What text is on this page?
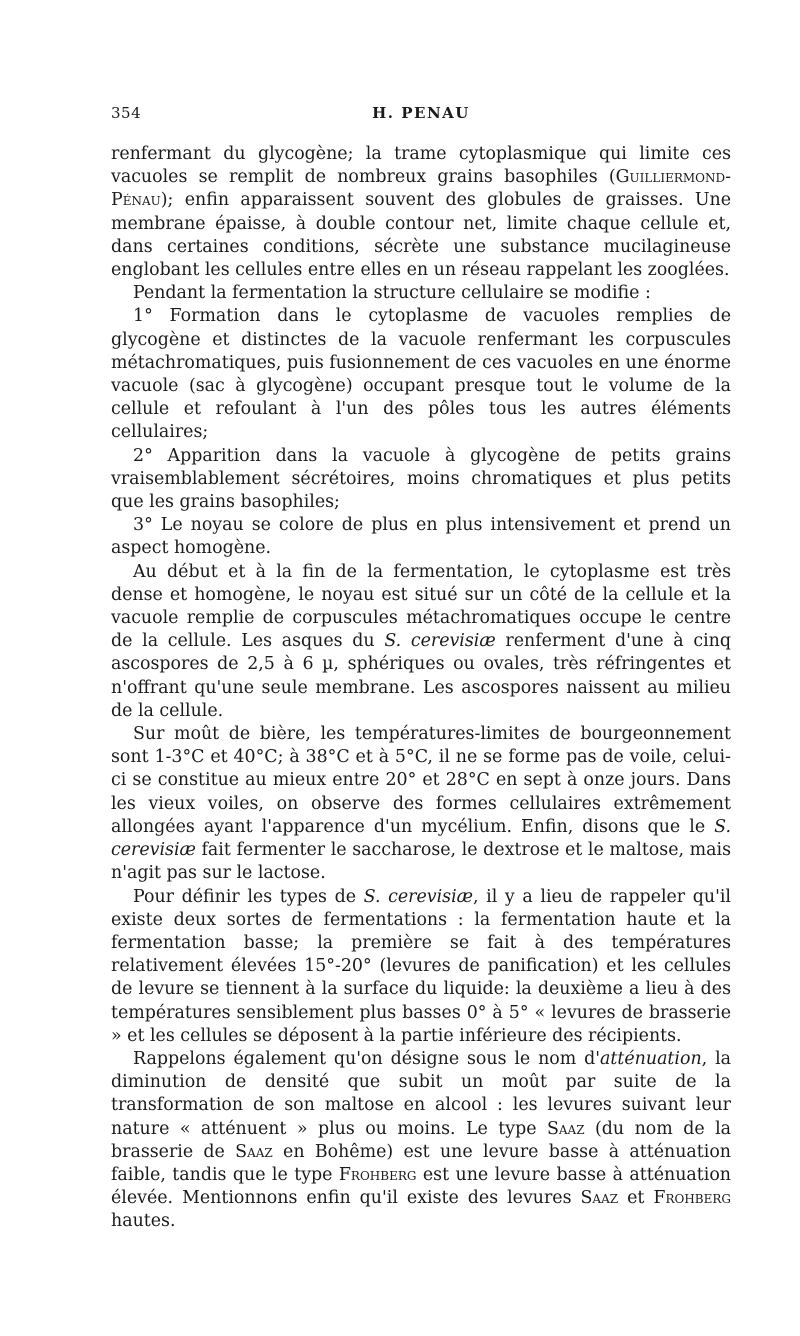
354	H. PENAU

renfermant du glycogène; la trame cytoplasmique qui limite ces vacuoles se remplit de nombreux grains basophiles (Guilliermond-Pénau); enfin apparaissent souvent des globules de graisses. Une membrane épaisse, à double contour net, limite chaque cellule et, dans certaines conditions, sécrète une substance mucilagineuse englobant les cellules entre elles en un réseau rappelant les zooglées.

Pendant la fermentation la structure cellulaire se modifie :

1° Formation dans le cytoplasme de vacuoles remplies de glycogène et distinctes de la vacuole renfermant les corpuscules métachromatiques, puis fusionnement de ces vacuoles en une énorme vacuole (sac à glycogène) occupant presque tout le volume de la cellule et refoulant à l'un des pôles tous les autres éléments cellulaires;

2° Apparition dans la vacuole à glycogène de petits grains vraisemblablement sécrétoires, moins chromatiques et plus petits que les grains basophiles;

3° Le noyau se colore de plus en plus intensivement et prend un aspect homogène.

Au début et à la fin de la fermentation, le cytoplasme est très dense et homogène, le noyau est situé sur un côté de la cellule et la vacuole remplie de corpuscules métachromatiques occupe le centre de la cellule. Les asques du S. cerevisiæ renferment d'une à cinq ascospores de 2,5 à 6 µ, sphériques ou ovales, très réfringentes et n'offrant qu'une seule membrane. Les ascospores naissent au milieu de la cellule.

Sur moût de bière, les températures-limites de bourgeonnement sont 1-3°C et 40°C; à 38°C et à 5°C, il ne se forme pas de voile, celui-ci se constitue au mieux entre 20° et 28°C en sept à onze jours. Dans les vieux voiles, on observe des formes cellulaires extrêmement allongées ayant l'apparence d'un mycélium. Enfin, disons que le S. cerevisiæ fait fermenter le saccharose, le dextrose et le maltose, mais n'agit pas sur le lactose.

Pour définir les types de S. cerevisiæ, il y a lieu de rappeler qu'il existe deux sortes de fermentations : la fermentation haute et la fermentation basse; la première se fait à des températures relativement élevées 15°-20° (levures de panification) et les cellules de levure se tiennent à la surface du liquide: la deuxième a lieu à des températures sensiblement plus basses 0° à 5° « levures de brasserie » et les cellules se déposent à la partie inférieure des récipients.

Rappelons également qu'on désigne sous le nom d'atténuation, la diminution de densité que subit un moût par suite de la transformation de son maltose en alcool : les levures suivant leur nature « atténuent » plus ou moins. Le type Saaz (du nom de la brasserie de Saaz en Bohême) est une levure basse à atténuation faible, tandis que le type Frohberg est une levure basse à atténuation élevée. Mentionnons enfin qu'il existe des levures Saaz et Frohberg hautes.
